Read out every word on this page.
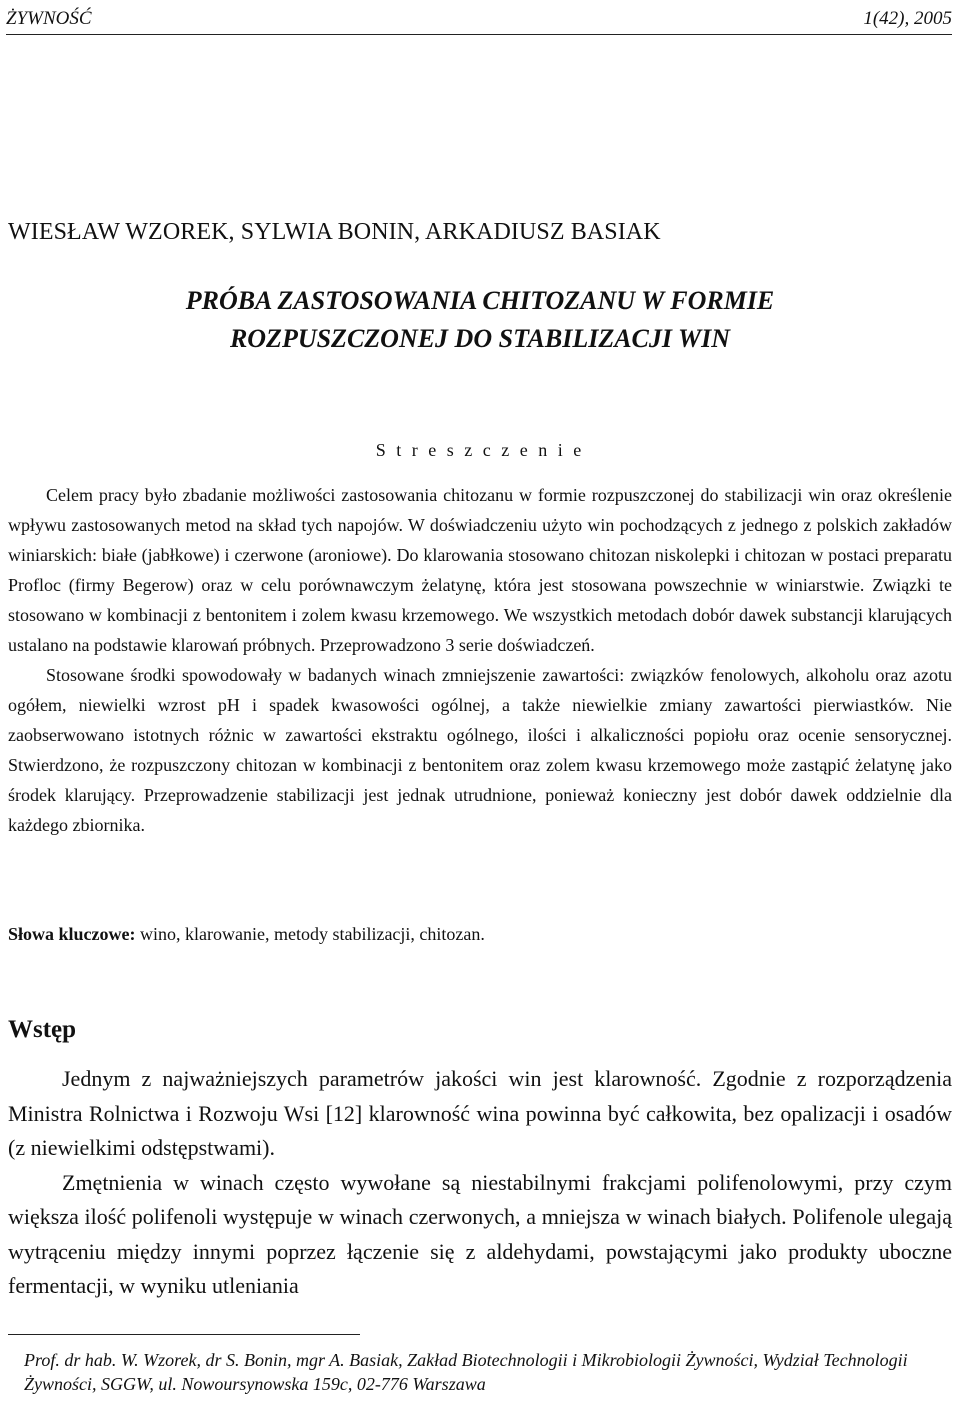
ŻYWNOŚĆ	1(42), 2005
WIESŁAW WZOREK, SYLWIA BONIN, ARKADIUSZ BASIAK
PRÓBA ZASTOSOWANIA CHITOZANU W FORMIE
ROZPUSZCZONEJ DO STABILIZACJI WIN
S t r e s z c z e n i e

Celem pracy było zbadanie możliwości zastosowania chitozanu w formie rozpuszczonej do stabilizacji win oraz określenie wpływu zastosowanych metod na skład tych napojów. W doświadczeniu użyto win pochodzących z jednego z polskich zakładów winiarskich: białe (jabłkowe) i czerwone (aroniowe). Do klarowania stosowano chitozan niskolepki i chitozan w postaci preparatu Profloc (firmy Begerow) oraz w celu porównawczym żelatynę, która jest stosowana powszechnie w winiarstwie. Związki te stosowano w kombinacji z bentonitem i zolem kwasu krzemowego. We wszystkich metodach dobór dawek substancji klarujących ustalano na podstawie klarowań próbnych. Przeprowadzono 3 serie doświadczeń.

Stosowane środki spowodowały w badanych winach zmniejszenie zawartości: związków fenolowych, alkoholu oraz azotu ogółem, niewielki wzrost pH i spadek kwasowości ogólnej, a także niewielkie zmiany zawartości pierwiastków. Nie zaobserwowano istotnych różnic w zawartości ekstraktu ogólnego, ilości i alkaliczności popiołu oraz ocenie sensorycznej. Stwierdzono, że rozpuszczony chitozan w kombinacji z bentonitem oraz zolem kwasu krzemowego może zastąpić żelatynę jako środek klarujący. Przeprowadzenie stabilizacji jest jednak utrudnione, ponieważ konieczny jest dobór dawek oddzielnie dla każdego zbiornika.

Słowa kluczowe: wino, klarowanie, metody stabilizacji, chitozan.
Wstęp

Jednym z najważniejszych parametrów jakości win jest klarowność. Zgodnie z rozporządzenia Ministra Rolnictwa i Rozwoju Wsi [12] klarowność wina powinna być całkowita, bez opalizacji i osadów (z niewielkimi odstępstwami).

Zmętnienia w winach często wywołane są niestabilnymi frakcjami polifenolowymi, przy czym większa ilość polifenoli występuje w winach czerwonych, a mniejsza w winach białych. Polifenole ulegają wytrąceniu między innymi poprzez łączenie się z aldehydami, powstającymi jako produkty uboczne fermentacji, w wyniku utleniania

Prof. dr hab. W. Wzorek, dr S. Bonin, mgr A. Basiak, Zakład Biotechnologii i Mikrobiologii Żywności, Wydział Technologii Żywności, SGGW, ul. Nowoursynowska 159c, 02-776 Warszawa
